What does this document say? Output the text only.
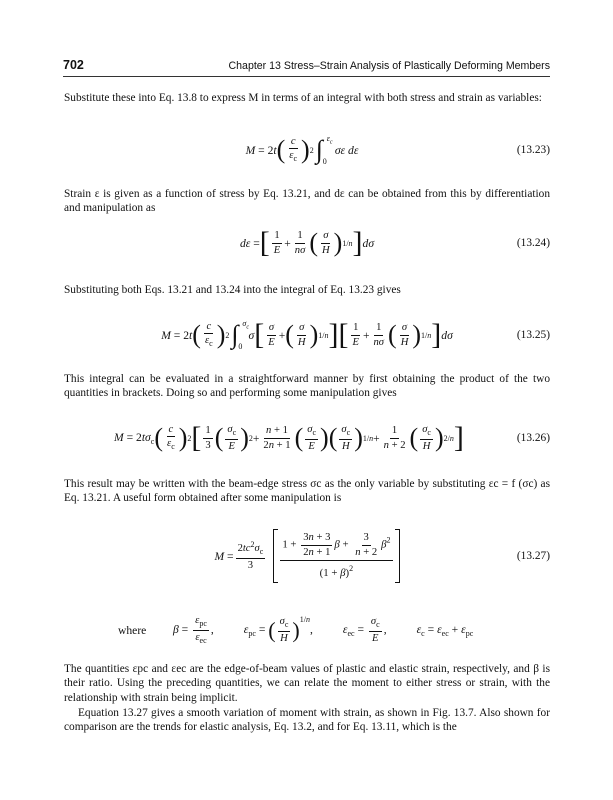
702	Chapter 13 Stress–Strain Analysis of Plastically Deforming Members

Substitute these into Eq. 13.8 to express M in terms of an integral with both stress and strain as variables:

M = 2t ( $\frac{c}{\varepsilon_c}$ ) 2 ∫ $\varepsilon_c$
0
σε dε	(13.23)

Strain ε is given as a function of stress by Eq. 13.21, and dε can be obtained from this by differentiation and manipulation as

dε = [ $\frac{1}{E} + \frac{1}{n\sigma}$ ( $\frac{\sigma}{H}$ ) 1/n ] dσ	(13.24)

Substituting both Eqs. 13.21 and 13.24 into the integral of Eq. 13.23 gives

M = 2t ( $\frac{c}{\varepsilon_c}$ ) 2 ∫ $\sigma_c$
0
σ [ $\frac{\sigma}{E}$ + ( $\frac{\sigma}{H}$ ) 1/n ] [ $\frac{1}{E} + \frac{1}{n\sigma}$ ( $\frac{\sigma}{H}$ ) 1/n ] dσ	(13.25)

This integral can be evaluated in a straightforward manner by first obtaining the product of the two quantities in brackets. Doing so and performing some manipulation gives

$M = 2t\sigma_c$ ( $\frac{c}{\varepsilon_c}$ ) 2 [ $\frac{1}{3}$ ( $\frac{\sigma_c}{E}$ ) $2 + \frac{n + 1}{2n + 1}$ ( $\frac{\sigma_c}{E}$ ) ( $\frac{\sigma_c}{H}$ ) $1/n + \frac{1}{n + 2}$ ( $\frac{\sigma_c}{H}$ ) 2/n ]	(13.26)

This result may be written with the beam-edge stress σc as the only variable by substituting εc = f (σc) as Eq. 13.21. A useful form obtained after some manipulation is

$M = \frac{2tc^2\sigma_c}{3} 1 + \frac{3n + 3}{2n + 1}$ $\beta + \frac{3}{n + 2} \beta^2$
$(1 + \beta)^2$
(13.27)
where	$\beta = \frac{\varepsilon_{pc}}{\varepsilon_{ec}}$ ,	$\varepsilon_{pc}$ = ( $\frac{\sigma_c}{H} )^{1/n}$,	$\varepsilon_{ec} = \frac{\sigma_c}{E}$ ,	$\varepsilon_c = \varepsilon_{ec} + \varepsilon_{pc}$

The quantities εpc and εec are the edge-of-beam values of plastic and elastic strain, respectively, and β is their ratio. Using the preceding quantities, we can relate the moment to either stress or strain, with the relationship with strain being implicit.

Equation 13.27 gives a smooth variation of moment with strain, as shown in Fig. 13.7. Also shown for comparison are the trends for elastic analysis, Eq. 13.2, and for Eq. 13.11, which is the
